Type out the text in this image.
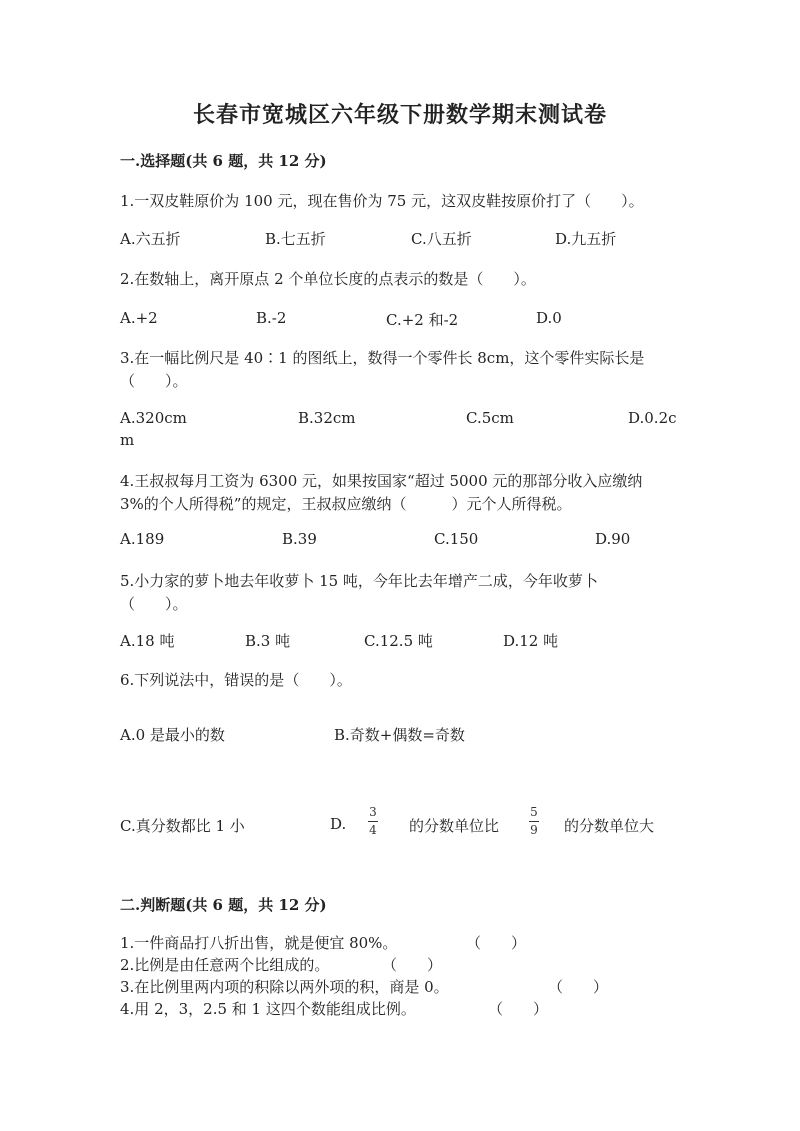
长春市宽城区六年级下册数学期末测试卷
一.选择题(共 6 题，共 12 分)
1.一双皮鞋原价为 100 元，现在售价为 75 元，这双皮鞋按原价打了（　　）。
A.六五折	B.七五折	C.八五折	D.九五折
2.在数轴上，离开原点 2 个单位长度的点表示的数是（　　）。
A.+2	B.-2	C.+2 和-2	D.0
3.在一幅比例尺是 40∶1 的图纸上，数得一个零件长 8cm，这个零件实际长是
（　　）。
A.320cm	B.32cm	C.5cm	D.0.2c
m
4.王叔叔每月工资为 6300 元，如果按国家“超过 5000 元的那部分收入应缴纳
3%的个人所得税”的规定，王叔叔应缴纳（　　　）元个人所得税。
A.189	B.39	C.150	D.90
5.小力家的萝卜地去年收萝卜 15 吨，今年比去年增产二成，今年收萝卜
（　　）。
A.18 吨	B.3 吨	C.12.5 吨	D.12 吨
6.下列说法中，错误的是（　　）。
A.0 是最小的数	B.奇数+偶数=奇数
C.真分数都比 1 小	D.
3
4 的分数单位比
5
9 的分数单位大
二.判断题(共 6 题，共 12 分)
1.一件商品打八折出售，就是便宜 80%。	（　　）
2.比例是由任意两个比组成的。	（　　）
3.在比例里两内项的积除以两外项的积，商是 0。	（　　）
4.用 2，3，2.5 和 1 这四个数能组成比例。	（　　）
